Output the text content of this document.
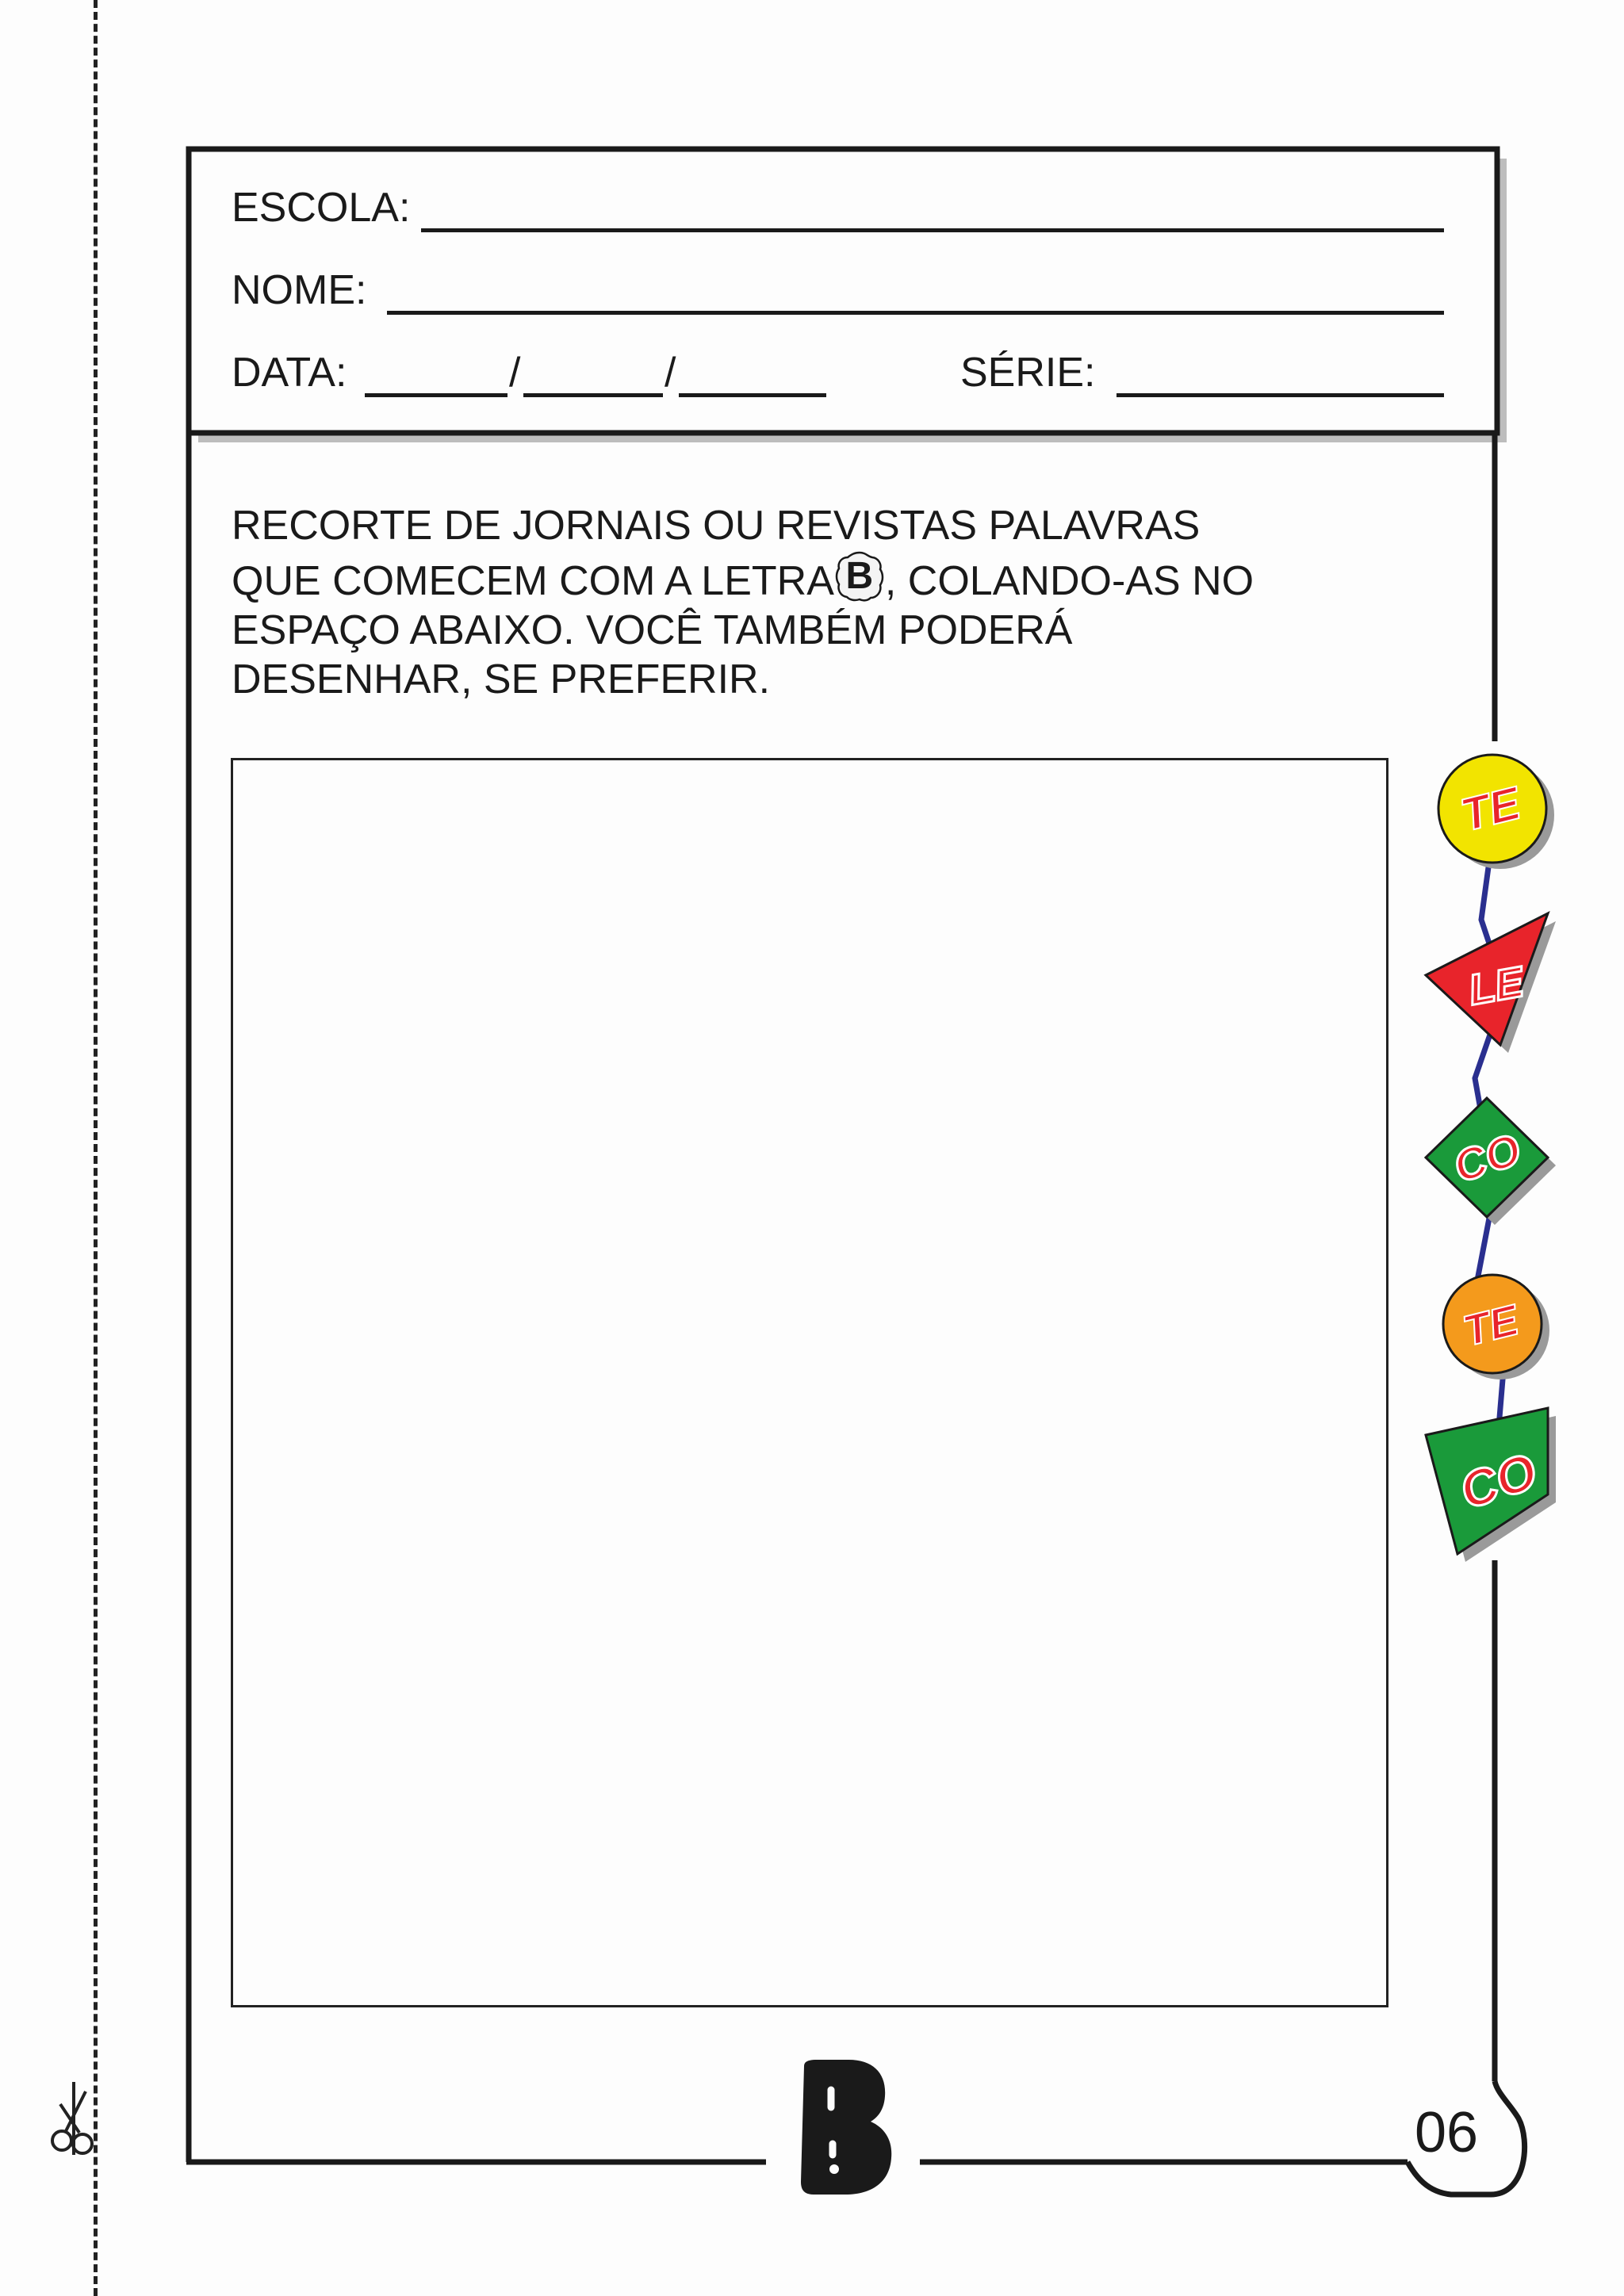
ESCOLA:
NOME:
DATA:	/	/	SÉRIE:

RECORTE DE JORNAIS OU REVISTAS PALAVRAS

QUE COMECEM COM A LETRA B , COLANDO-AS NO

ESPAÇO ABAIXO. VOCÊ TAMBÉM PODERÁ

DESENHAR, SE PREFERIR.

TE
LE
CO
TE
CO
06
